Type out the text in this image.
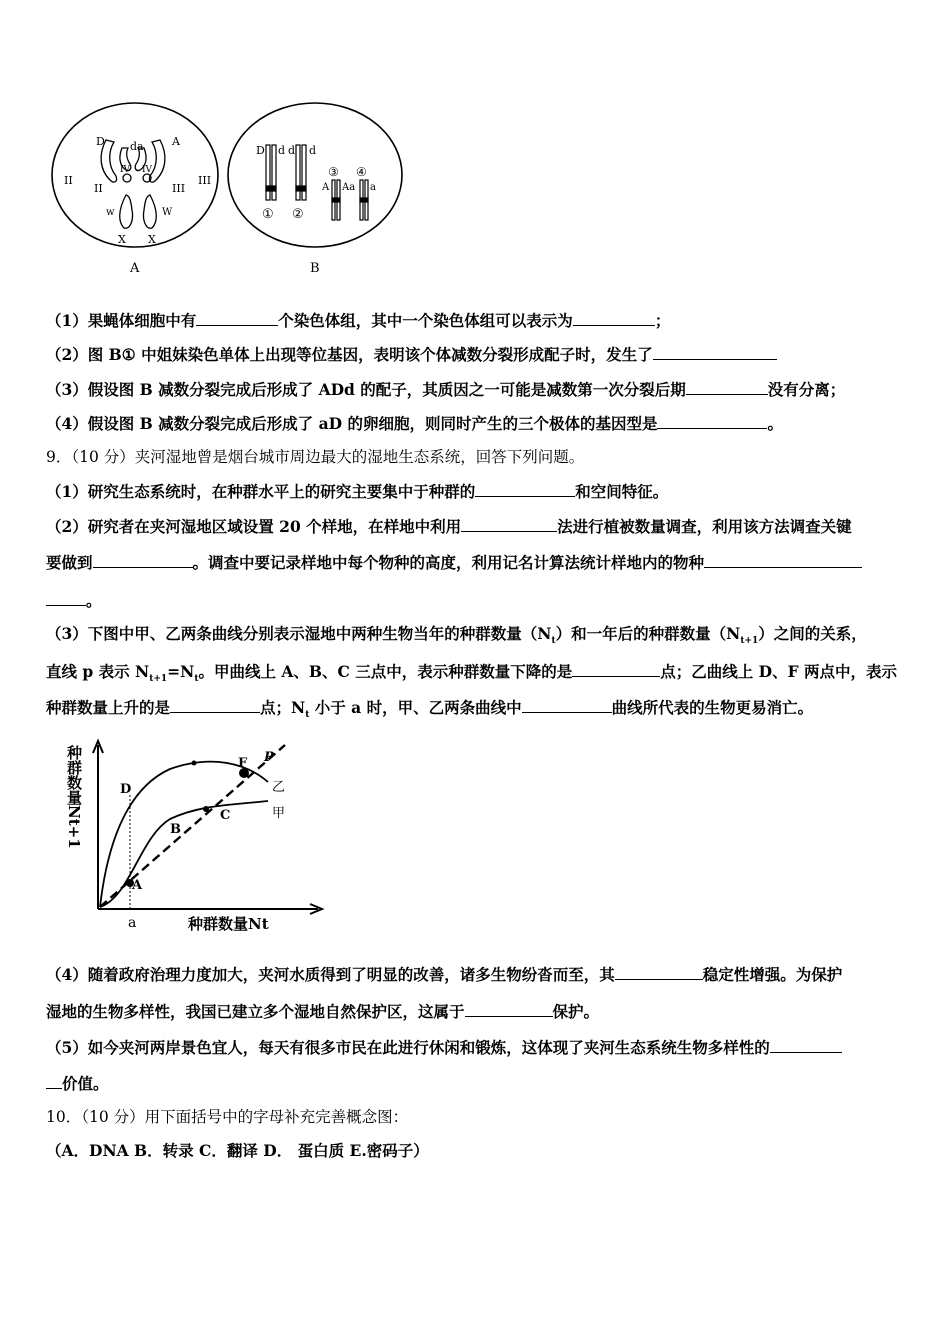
D da	A
IV IV
II
II	III
III
w	W
X X
A
D d d d
③ ④
A Aa a
① ②
B
（1）果蝇体细胞中有	个染色体组，其中一个染色体组可以表示为	；
（2）图 B① 中姐妹染色单体上出现等位基因，表明该个体减数分裂形成配子时，发生了
（3）假设图 B 减数分裂完成后形成了 ADd 的配子，其质因之一可能是减数第一次分裂后期	没有分离；
（4）假设图 B 减数分裂完成后形成了 aD 的卵细胞，则同时产生的三个极体的基因型是	。
9．（10 分）夹河湿地曾是烟台城市周边最大的湿地生态系统，回答下列问题。
（1）研究生态系统时，在种群水平上的研究主要集中于种群的	和空间特征。
（2）研究者在夹河湿地区域设置 20 个样地，在样地中利用	法进行植被数量调查，利用该方法调查关键
要做到	。调查中要记录样地中每个物种的高度，利用记名计算法统计样地内的物种
。
（3）下图中甲、乙两条曲线分别表示湿地中两种生物当年的种群数量$(N_t)$和一年后的种群数量$(N_{t+1})$之间的关系，
直线 p 表示 $N_{t+1}=N_t$。甲曲线上 A、B、C 三点中，表示种群数量下降的是	点；乙曲线上 D、F 两点中，表示
种群数量上升的是	点；$N_t$ 小于 a 时，甲、乙两条曲线中	曲线所代表的生物更易消亡。
种群数量Nt+1
种群数量Nt
a
A
B
C
D
F P
乙
甲
（4）随着政府治理力度加大，夹河水质得到了明显的改善，诸多生物纷沓而至，其	稳定性增强。为保护
湿地的生物多样性，我国已建立多个湿地自然保护区，这属于	保护。
（5）如今夹河两岸景色宜人，每天有很多市民在此进行休闲和锻炼，这体现了夹河生态系统生物多样性的
价值。
10．（10 分）用下面括号中的字母补充完善概念图：
（A．DNA B．转录 C．翻译 D． 蛋白质 E.密码子）
